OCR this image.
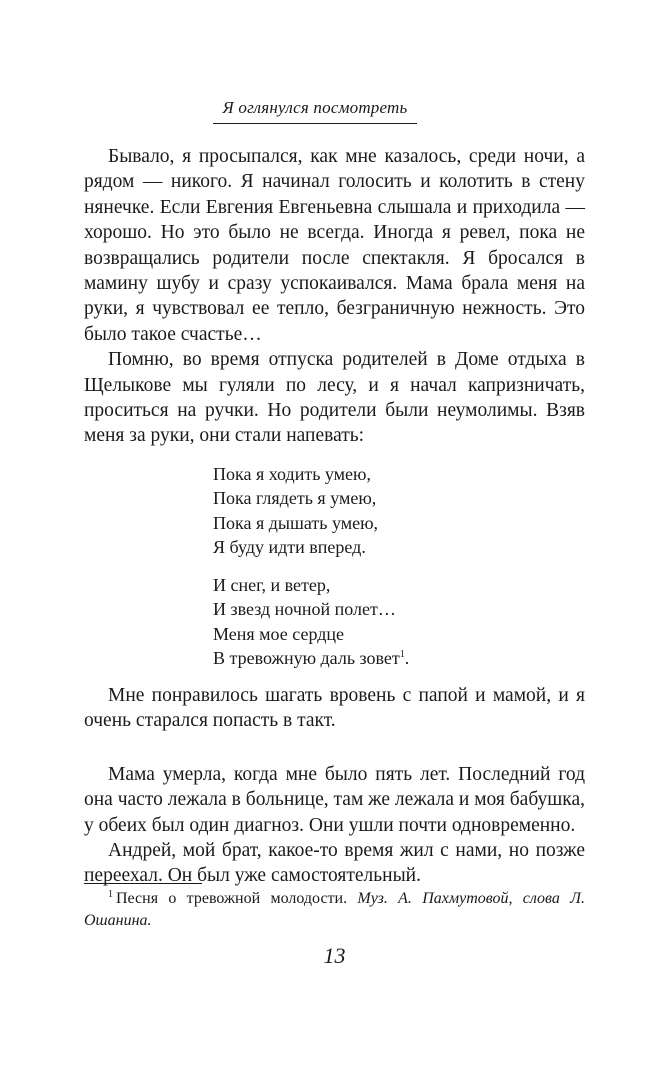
Я оглянулся посмотреть

Бывало, я просыпался, как мне казалось, среди ночи, а рядом — никого. Я начинал голосить и колотить в стену нянечке. Если Евгения Евгеньевна слышала и приходила — хорошо. Но это было не всегда. Иногда я ревел, пока не возвращались родители после спектакля. Я бросался в мамину шубу и сразу успокаивался. Мама брала меня на руки, я чувствовал ее тепло, безграничную нежность. Это было такое счастье…

Помню, во время отпуска родителей в Доме отдыха в Щелыкове мы гуляли по лесу, и я начал капризничать, проситься на ручки. Но родители были неумолимы. Взяв меня за руки, они стали напевать:

Пока я ходить умею,
Пока глядеть я умею,
Пока я дышать умею,
Я буду идти вперед.
И снег, и ветер,
И звезд ночной полет…
Меня мое сердце
В тревожную даль зовет$^1$.

Мне понравилось шагать вровень с папой и мамой, и я очень старался попасть в такт.

Мама умерла, когда мне было пять лет. Последний год она часто лежала в больнице, там же лежала и моя бабушка, у обеих был один диагноз. Они ушли почти одновременно.

Андрей, мой брат, какое-то время жил с нами, но позже переехал. Он был уже самостоятельный.

$^1$ Песня о тревожной молодости. Муз. А. Пахмутовой, слова Л. Ошанина.
13
